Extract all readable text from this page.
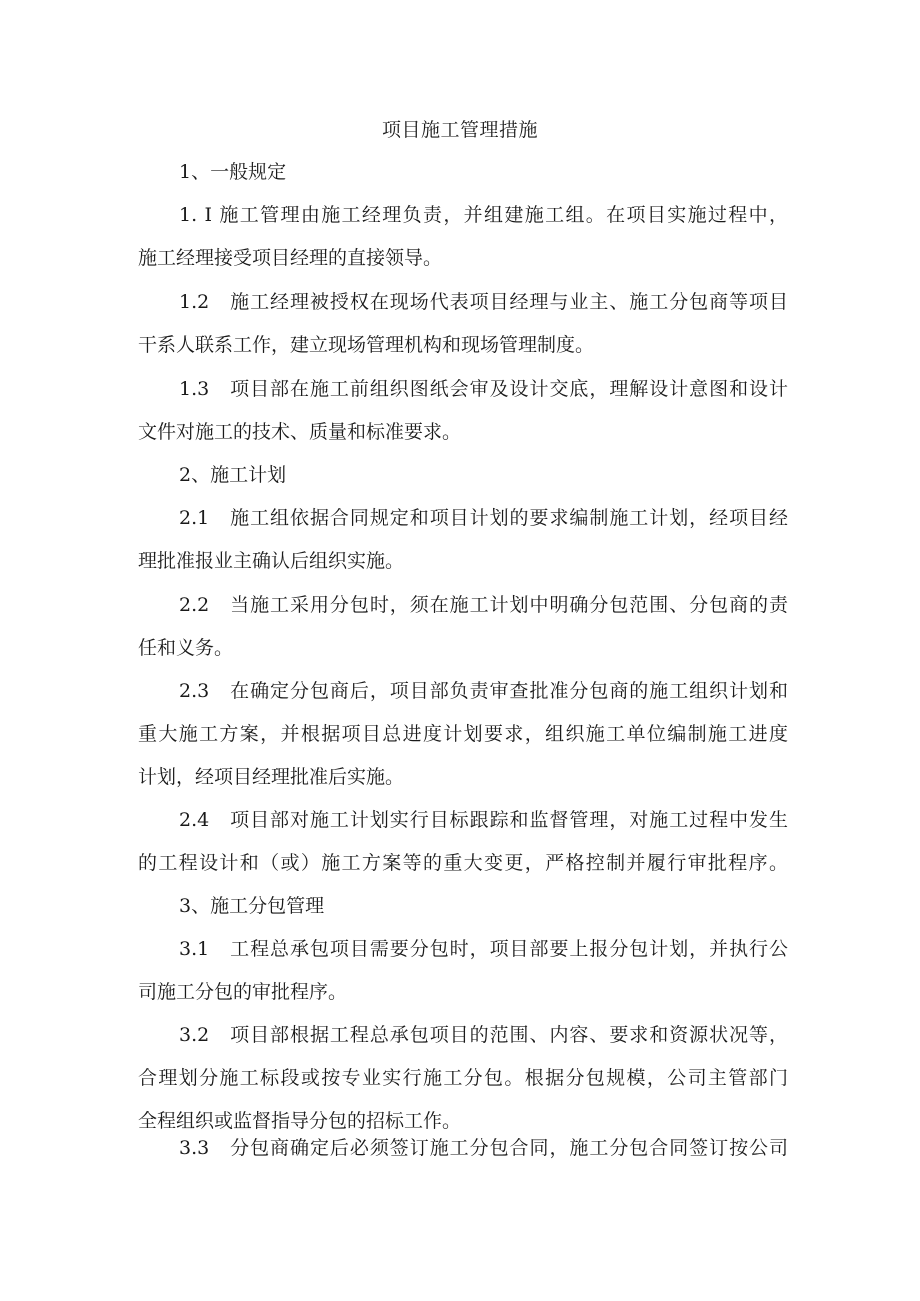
项目施工管理措施
1、一般规定
1. I 施工管理由施工经理负责，并组建施工组。在项目实施过程中，
施工经理接受项目经理的直接领导。
1.2　施工经理被授权在现场代表项目经理与业主、施工分包商等项目
干系人联系工作，建立现场管理机构和现场管理制度。
1.3　项目部在施工前组织图纸会审及设计交底，理解设计意图和设计
文件对施工的技术、质量和标准要求。
2、施工计划
2.1　施工组依据合同规定和项目计划的要求编制施工计划，经项目经
理批准报业主确认后组织实施。
2.2　当施工采用分包时，须在施工计划中明确分包范围、分包商的责
任和义务。
2.3　在确定分包商后，项目部负责审查批准分包商的施工组织计划和
重大施工方案，并根据项目总进度计划要求，组织施工单位编制施工进度
计划，经项目经理批准后实施。
2.4　项目部对施工计划实行目标跟踪和监督管理，对施工过程中发生
的工程设计和（或）施工方案等的重大变更，严格控制并履行审批程序。
3、施工分包管理
3.1　工程总承包项目需要分包时，项目部要上报分包计划，并执行公
司施工分包的审批程序。
3.2　项目部根据工程总承包项目的范围、内容、要求和资源状况等，
合理划分施工标段或按专业实行施工分包。根据分包规模，公司主管部门
全程组织或监督指导分包的招标工作。
3.3　分包商确定后必须签订施工分包合同，施工分包合同签订按公司
